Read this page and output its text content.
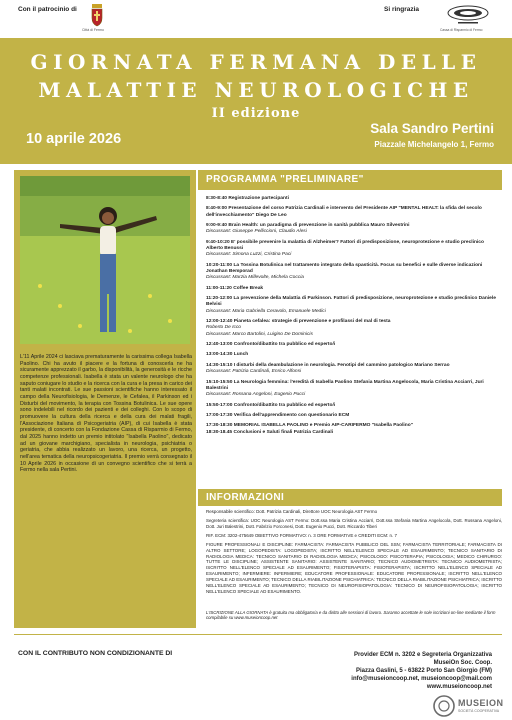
Con il patrocinio di
Città di Fermo
Si ringrazia
Cassa di Risparmio di Fermo
GIORNATA FERMANA DELLE
MALATTIE NEUROLOGICHE
II edizione
10 aprile 2026
Sala Sandro Pertini
Piazzale Michelangelo 1, Fermo

L'11 Aprile 2024 ci lasciava prematuramente la carissima collega Isabella Paolino. Chi ha avuto il piacere e la fortuna di conoscerla ne ha sicuramente apprezzato il garbo, la disponibilità, la generosità e le ricche competenze professionali. Isabella è stata un valente neurologo che ha saputo coniugare lo studio e la ricerca con la cura e la presa in carico dei tanti malati incontrati. Le sue passioni scientifiche hanno interessato il campo della Neurofisiologia, le Demenze, le Cefalea, il Parkinson ed i Disturbi del movimento, la terapia con Tossina Botulinica. Le sue opere sono indelebili nel ricordo dei pazienti e dei colleghi. Con lo scopo di promuovere la cultura della ricerca e della cura dei malati fragili, l'Associazione Italiana di Psicogeriatria (AIP), di cui Isabella è stata presidente, di concerto con la Fondazione Cassa di Risparmio di Fermo, dal 2025 hanno indetto un premio intitolato "Isabella Paolino", dedicato ad un giovane marchigiano, specialista in neurologia, psichiatria o geriatria, che abbia realizzato un lavoro, una ricerca, un progetto, nell'area tematica della neuropsicogeriatria. Il premio verrà consegnato il 10 Aprile 2026 in occasione di un convegno scientifico che si terrà a Fermo nella sala Pertini.

PROGRAMMA "PRELIMINARE"
8:30-8:40 Registrazione partecipanti
8:40-9:00 Presentazione del corso Patrizia Cardinali e intervento del Presidente AIP "MENTAL HEALT: la sfida del secolo dell'invecchiamento" Diego De Leo
9:00-9:40 Brain Health: un paradigma di prevenzione in sanità pubblica Mauro Silvestrini
Discussant: Giuseppe Pelliccioni, Claudio Alesi
9:40-10:20 E' possibile prevenire la malattia di Alzheimer? Fattori di predisposizione, neuroprotezione e studio preclinico Alberto Benussi
Discussant: Simona Luzzi, Cristina Paci
10:20-11:00 La Tossina Botulinica nel trattamento integrato della spasticità. Focus su benefici e sulle diverse indicazioni Jonathan Bemporad
Discussant: Marzia Millevolte, Michela Coccia
11:00-11:20 Coffee Break
11:20-12:00 La prevenzione della Malattia di Parkinson. Fattori di predisposizione, neuroprotezione e studio preclinico Daniele Belvisi
Discussant: Maria Gabriella Ceravolo, Emanuele Medici
12:00-12:40 Pianeta cefalea: strategie di prevenzione e profilassi del mal di testa
Roberto De Icco
Discussant: Marco Bartolini, Luigino De Dominicis
12:40-13:00 Confronto/dibattito tra pubblico ed esperto/i
13:00-14:30 Lunch
14:30-15:10 I disturbi della deambulazione in neurologia. Fenotipi del cammino patologico Mariano Serrao
Discussant: Patrizia Cardinali, Enrico Alfonsi
15:10-15:50 La Neurologia femmina: l'eredità di Isabella Paolino Stefania Martina Angelocola, Maria Cristina Acciarri, Juri Balestrini
Discussant: Rossana Angeloni, Eugenio Pucci
15:50-17:00 Confronto/dibattito tra pubblico ed esperto/i
17:00-17:30 Verifica dell'apprendimento con questionario ECM
17:30-18:30 MEMORIAL ISABELLA PAOLINO e Premio AIP-CARIFERMO "Isabella Paolino"
18:30-18.45 Conclusioni e Saluti finali Patrizia Cardinali
INFORMAZIONI

Responsabile scientifico: Dott. Patrizia Cardinali, Direttore UOC Neurologia AST Fermo

Segreteria scientifica: UOC Neurologia AST Fermo: Dott.ssa Maria Cristina Acciarri, Dott.ssa Stefania Martina Angelocola, Dott. Rossana Angeloni, Dott. Juri Balestrini, Dott. Fabrizio Forconesi, Dott. Eugenio Pucci, Dott. Riccardo Tiberi

RIF. ECM: 3202-475649 OBIETTIVO FORMATIVO: n. 3 ORE FORMATIVE e CREDITI ECM: n. 7

FIGURE PROFESSIONALI E DISCIPLINE: FARMACISTA: FARMACISTA PUBBLICO DEL SSN; FARMACISTA TERRITORIALE; FARMACISTA DI ALTRO SETTORE; LOGOPEDISTA: LOGOPEDISTA; ISCRITTO NELL'ELENCO SPECIALE AD ESAURIMENTO; TECNICO SANITARIO DI RADIOLOGIA MEDICA: TECNICO SANITARIO DI RADIOLOGIA MEDICA; PSICOLOGO: PSICOTERAPIA; PSICOLOGIA; MEDICO CHIRURGO: TUTTE LE DISCIPLINE; ASSISTENTE SANITARIO: ASSISTENTE SANITARIO; TECNICO AUDIOMETRISTA: TECNICO AUDIOMETRISTA; ISCRITTO NELL'ELENCO SPECIALE AD ESAURIMENTO; FISIOTERAPISTA: FISIOTERAPISTA; ISCRITTO NELL'ELENCO SPECIALE AD ESAURIMENTO; INFERMIERE: INFERMIERE; EDUCATORE PROFESSIONALE: EDUCATORE PROFESSIONALE; ISCRITTO NELL'ELENCO SPECIALE AD ESAURIMENTO; TECNICO DELLA RIABILITAZIONE PSICHIATRICA: TECNICO DELLA RIABILITAZIONE PSICHIATRICA; ISCRITTO NELL'ELENCO SPECIALE AD ESAURIMENTO; TECNICO DI NEUROFISIOPATOLOGIA: TECNICO DI NEUROFISIOPATOLOGIA; ISCRITTO NELL'ELENCO SPECIALE AD ESAURIMENTO.

L'ISCRIZIONE ALLA GIORNATA è gratuita ma obbligatoria e da diritto alle sessioni di lavoro. Saranno accettate le sole iscrizioni on-line mediante il form compilabile su www.museioncoop.net

CON IL CONTRIBUTO NON CONDIZIONANTE DI	Provider ECM n. 3202 e Segreteria Organizzativa
MuseiOn Soc. Coop.
Piazza Gaslini, 5 - 63822 Porto San Giorgio (FM)
info@museioncoop.net, museioncoop@mail.com
www.museioncoop.net
MUSEION
SOCIETÀ COOPERATIVA
